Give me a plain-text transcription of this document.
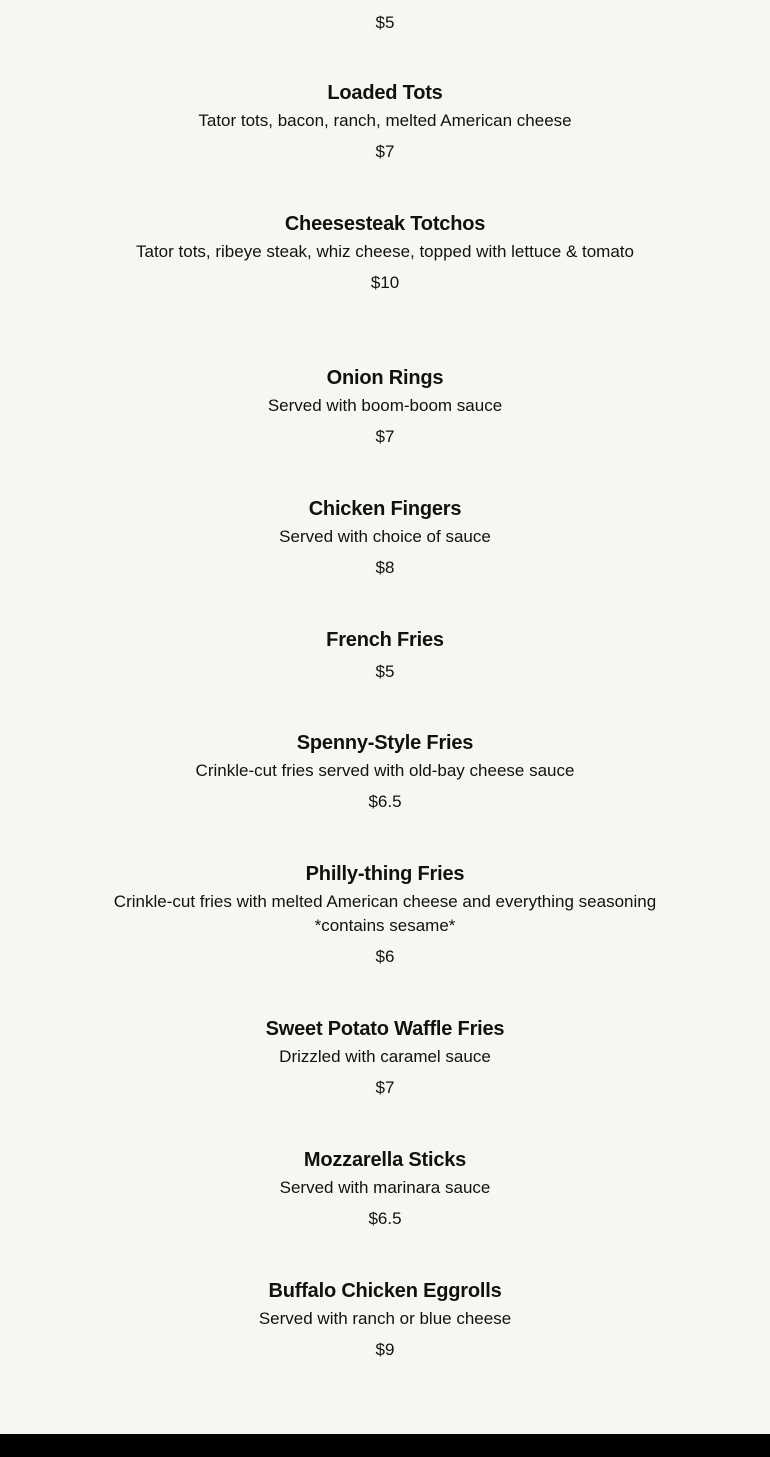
$5
Loaded Tots
Tator tots, bacon, ranch, melted American cheese
$7
Cheesesteak Totchos
Tator tots, ribeye steak, whiz cheese, topped with lettuce & tomato
$10
Onion Rings
Served with boom-boom sauce
$7
Chicken Fingers
Served with choice of sauce
$8
French Fries
$5
Spenny-Style Fries
Crinkle-cut fries served with old-bay cheese sauce
$6.5
Philly-thing Fries
Crinkle-cut fries with melted American cheese and everything seasoning *contains sesame*
$6
Sweet Potato Waffle Fries
Drizzled with caramel sauce
$7
Mozzarella Sticks
Served with marinara sauce
$6.5
Buffalo Chicken Eggrolls
Served with ranch or blue cheese
$9
